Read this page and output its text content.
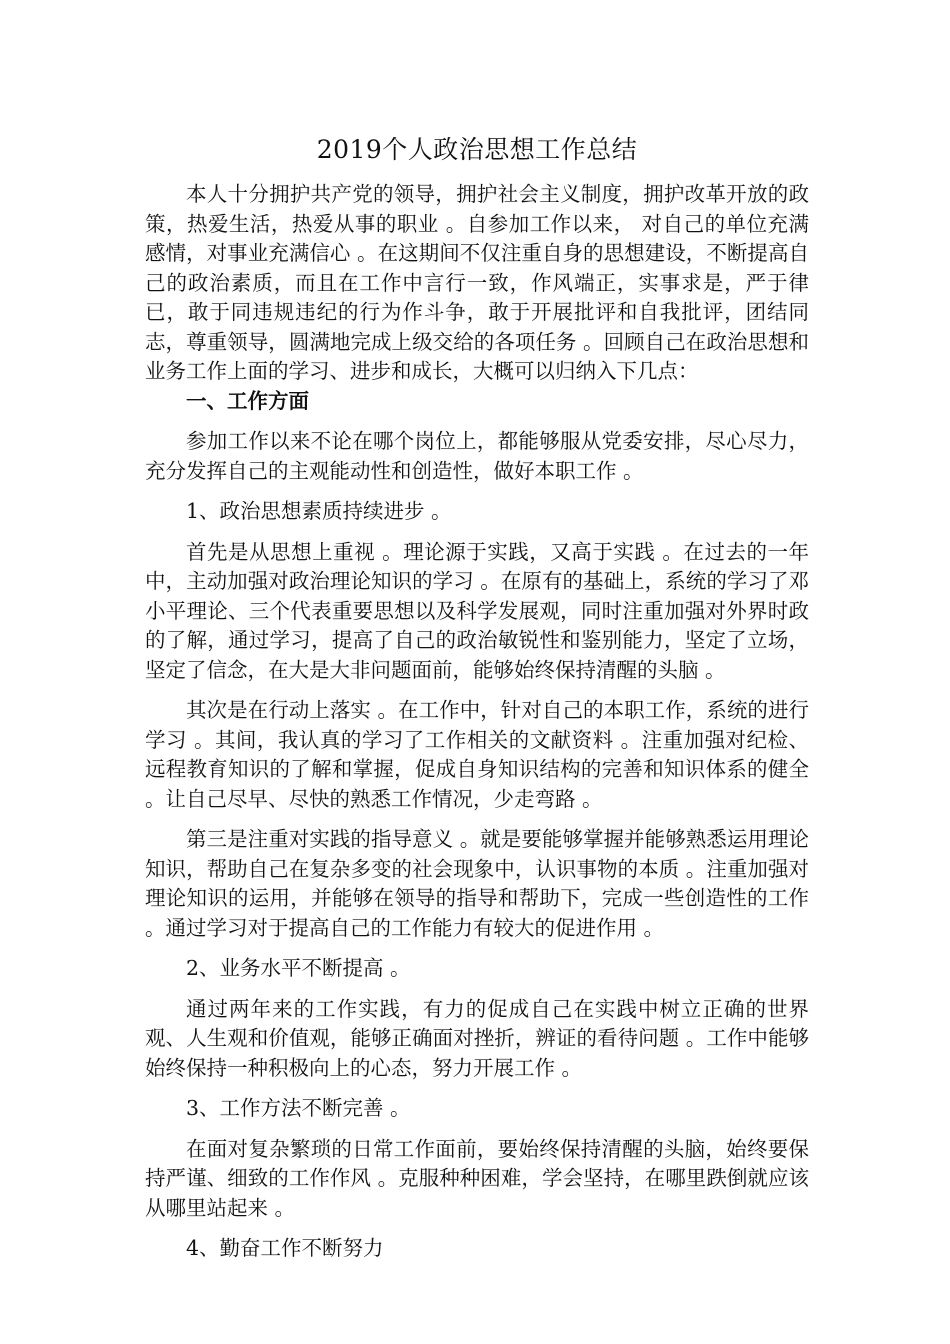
2019个人政治思想工作总结

本人十分拥护共产党的领导，拥护社会主义制度，拥护改革开放的政策，热爱生活，热爱从事的职业 。自参加工作以来， 对自己的单位充满感情，对事业充满信心 。在这期间不仅注重自身的思想建设，不断提高自己的政治素质，而且在工作中言行一致，作风端正，实事求是，严于律已，敢于同违规违纪的行为作斗争，敢于开展批评和自我批评，团结同志，尊重领导，圆满地完成上级交给的各项任务 。回顾自己在政治思想和业务工作上面的学习、进步和成长，大概可以归纳入下几点：

一、工作方面

参加工作以来不论在哪个岗位上，都能够服从党委安排，尽心尽力，充分发挥自己的主观能动性和创造性，做好本职工作 。

1、政治思想素质持续进步 。

首先是从思想上重视 。理论源于实践，又高于实践 。在过去的一年中，主动加强对政治理论知识的学习 。在原有的基础上，系统的学习了邓小平理论、三个代表重要思想以及科学发展观，同时注重加强对外界时政的了解，通过学习，提高了自己的政治敏锐性和鉴别能力，坚定了立场，坚定了信念，在大是大非问题面前，能够始终保持清醒的头脑 。

其次是在行动上落实 。在工作中，针对自己的本职工作，系统的进行学习 。其间，我认真的学习了工作相关的文献资料 。注重加强对纪检、远程教育知识的了解和掌握，促成自身知识结构的完善和知识体系的健全 。让自己尽早、尽快的熟悉工作情况，少走弯路 。

第三是注重对实践的指导意义 。就是要能够掌握并能够熟悉运用理论知识，帮助自己在复杂多变的社会现象中，认识事物的本质 。注重加强对理论知识的运用，并能够在领导的指导和帮助下，完成一些创造性的工作 。通过学习对于提高自己的工作能力有较大的促进作用 。

2、业务水平不断提高 。

通过两年来的工作实践，有力的促成自己在实践中树立正确的世界观、人生观和价值观，能够正确面对挫折，辨证的看待问题 。工作中能够始终保持一种积极向上的心态，努力开展工作 。

3、工作方法不断完善 。

在面对复杂繁琐的日常工作面前，要始终保持清醒的头脑，始终要保持严谨、细致的工作作风 。克服种种困难，学会坚持，在哪里跌倒就应该从哪里站起来 。

4、勤奋工作不断努力
